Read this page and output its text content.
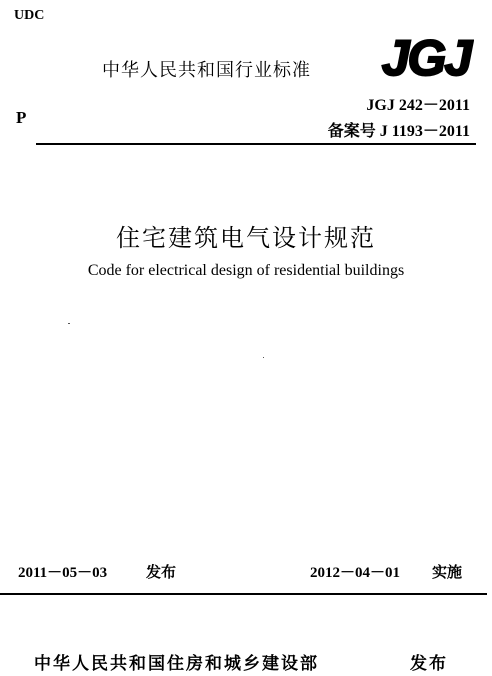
UDC
中华人民共和国行业标准 JGJ
P
JGJ 242－2011
备案号 J 1193－2011
住宅建筑电气设计规范
Code for electrical design of residential buildings
2011－05－03	发布	2012－04－01 实施
中华人民共和国住房和城乡建设部	发布
